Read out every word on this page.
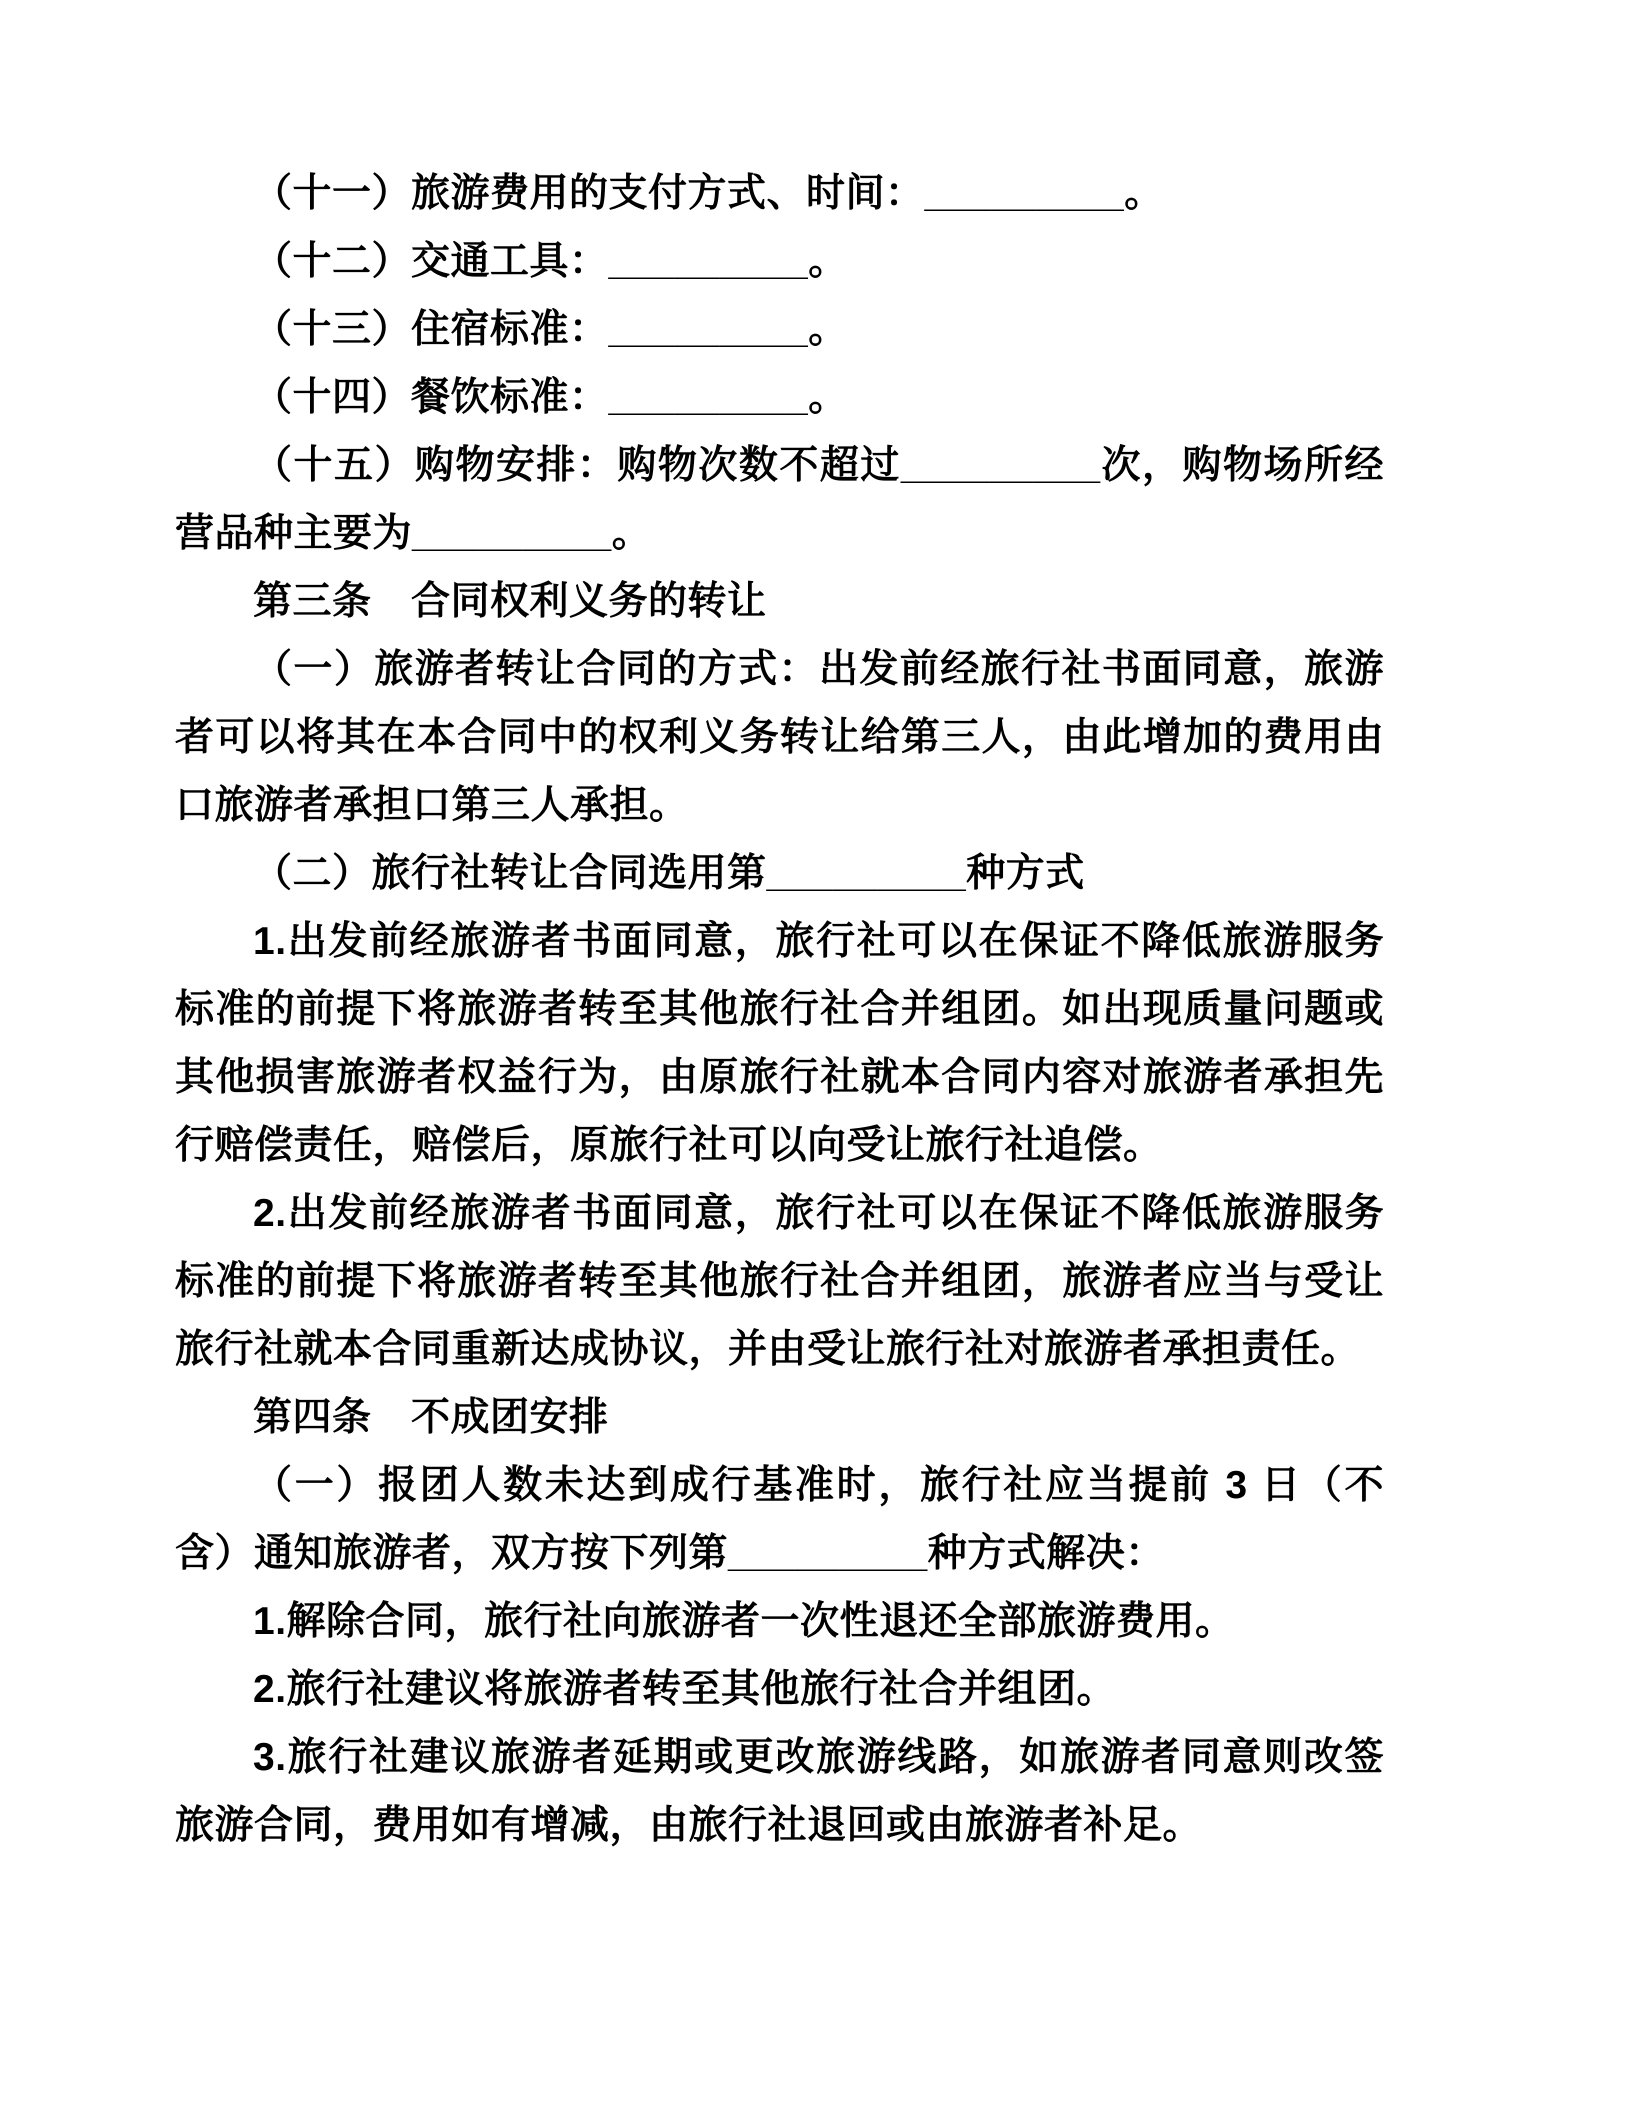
（十一）旅游费用的支付方式、时间：_________。

（十二）交通工具：_________。

（十三）住宿标准：_________。

（十四）餐饮标准：_________。

（十五）购物安排：购物次数不超过_________次，购物场所经营品种主要为_________。

第三条　合同权利义务的转让

（一）旅游者转让合同的方式：出发前经旅行社书面同意，旅游者可以将其在本合同中的权利义务转让给第三人，由此增加的费用由口旅游者承担口第三人承担。

（二）旅行社转让合同选用第_________种方式

1.出发前经旅游者书面同意，旅行社可以在保证不降低旅游服务标准的前提下将旅游者转至其他旅行社合并组团。如出现质量问题或其他损害旅游者权益行为，由原旅行社就本合同内容对旅游者承担先行赔偿责任，赔偿后，原旅行社可以向受让旅行社追偿。

2.出发前经旅游者书面同意，旅行社可以在保证不降低旅游服务标准的前提下将旅游者转至其他旅行社合并组团，旅游者应当与受让旅行社就本合同重新达成协议，并由受让旅行社对旅游者承担责任。

第四条　不成团安排

（一）报团人数未达到成行基准时，旅行社应当提前 3 日（不含）通知旅游者，双方按下列第_________种方式解决：

1.解除合同，旅行社向旅游者一次性退还全部旅游费用。

2.旅行社建议将旅游者转至其他旅行社合并组团。

3.旅行社建议旅游者延期或更改旅游线路，如旅游者同意则改签旅游合同，费用如有增减，由旅行社退回或由旅游者补足。
